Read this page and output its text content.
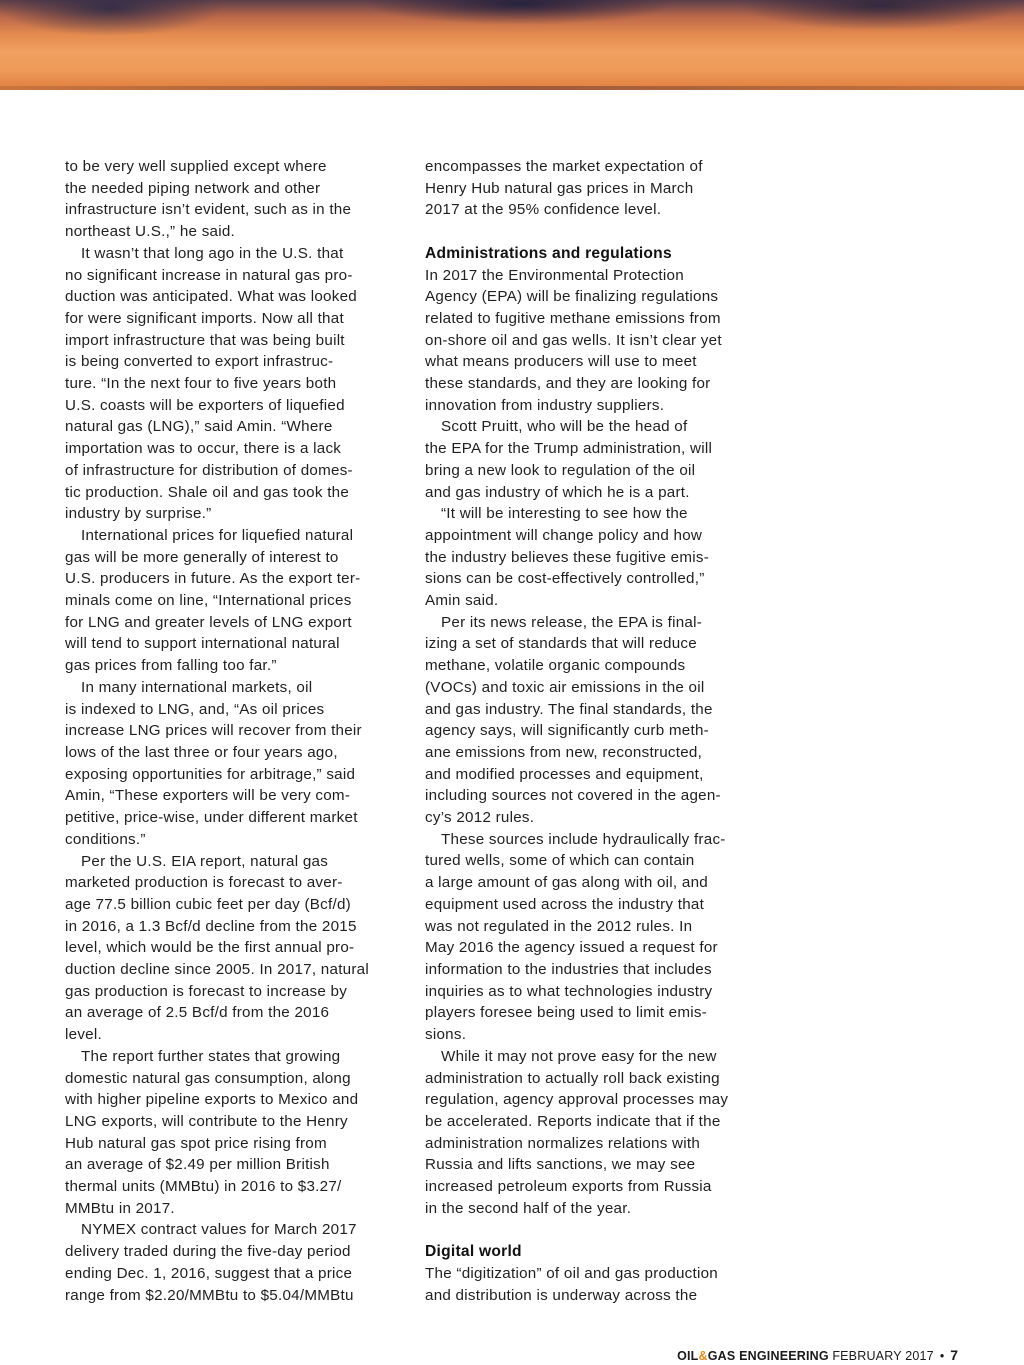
to be very well supplied except where

the needed piping network and other

infrastructure isn’t evident, such as in the

northeast U.S.,” he said.

It wasn’t that long ago in the U.S. that

no significant increase in natural gas pro-

duction was anticipated. What was looked

for were significant imports. Now all that

import infrastructure that was being built

is being converted to export infrastruc-

ture. “In the next four to five years both

U.S. coasts will be exporters of liquefied

natural gas (LNG),” said Amin. “Where

importation was to occur, there is a lack

of infrastructure for distribution of domes-

tic production. Shale oil and gas took the

industry by surprise.”

International prices for liquefied natural

gas will be more generally of interest to

U.S. producers in future. As the export ter-

minals come on line, “International prices

for LNG and greater levels of LNG export

will tend to support international natural

gas prices from falling too far.”

In many international markets, oil

is indexed to LNG, and, “As oil prices

increase LNG prices will recover from their

lows of the last three or four years ago,

exposing opportunities for arbitrage,” said

Amin, “These exporters will be very com-

petitive, price-wise, under different market

conditions.”

Per the U.S. EIA report, natural gas

marketed production is forecast to aver-

age 77.5 billion cubic feet per day (Bcf/d)

in 2016, a 1.3 Bcf/d decline from the 2015

level, which would be the first annual pro-

duction decline since 2005. In 2017, natural

gas production is forecast to increase by

an average of 2.5 Bcf/d from the 2016

level.

The report further states that growing

domestic natural gas consumption, along

with higher pipeline exports to Mexico and

LNG exports, will contribute to the Henry

Hub natural gas spot price rising from

an average of $2.49 per million British

thermal units (MMBtu) in 2016 to $3.27/

MMBtu in 2017.

NYMEX contract values for March 2017

delivery traded during the five-day period

ending Dec. 1, 2016, suggest that a price

range from $2.20/MMBtu to $5.04/MMBtu

encompasses the market expectation of

Henry Hub natural gas prices in March

2017 at the 95% confidence level.

Administrations and regulations

In 2017 the Environmental Protection

Agency (EPA) will be finalizing regulations

related to fugitive methane emissions from

on-shore oil and gas wells. It isn’t clear yet

what means producers will use to meet

these standards, and they are looking for

innovation from industry suppliers.

Scott Pruitt, who will be the head of

the EPA for the Trump administration, will

bring a new look to regulation of the oil

and gas industry of which he is a part.

“It will be interesting to see how the

appointment will change policy and how

the industry believes these fugitive emis-

sions can be cost-effectively controlled,”

Amin said.

Per its news release, the EPA is final-

izing a set of standards that will reduce

methane, volatile organic compounds

(VOCs) and toxic air emissions in the oil

and gas industry. The final standards, the

agency says, will significantly curb meth-

ane emissions from new, reconstructed,

and modified processes and equipment,

including sources not covered in the agen-

cy’s 2012 rules.

These sources include hydraulically frac-

tured wells, some of which can contain

a large amount of gas along with oil, and

equipment used across the industry that

was not regulated in the 2012 rules. In

May 2016 the agency issued a request for

information to the industries that includes

inquiries as to what technologies industry

players foresee being used to limit emis-

sions.

While it may not prove easy for the new

administration to actually roll back existing

regulation, agency approval processes may

be accelerated. Reports indicate that if the

administration normalizes relations with

Russia and lifts sanctions, we may see

increased petroleum exports from Russia

in the second half of the year.

Digital world

The “digitization” of oil and gas production

and distribution is underway across the

OIL&GAS ENGINEERING FEBRUARY 2017 • 7
